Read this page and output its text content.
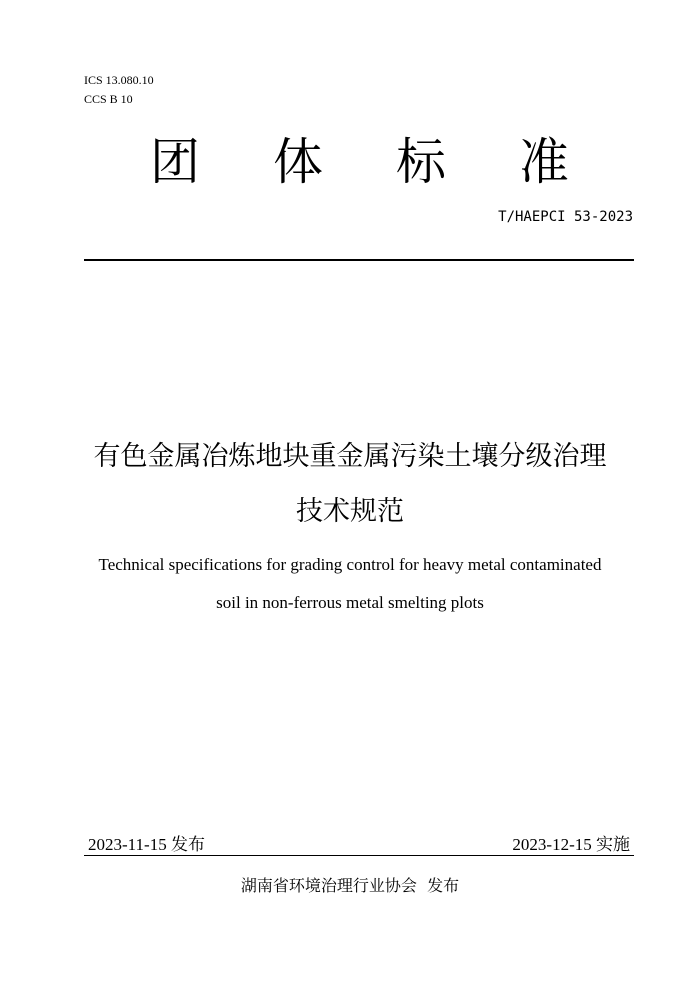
ICS 13.080.10
CCS B 10
团 体 标 准
T/HAEPCI 53-2023
有色金属冶炼地块重金属污染土壤分级治理
技术规范
Technical specifications for grading control for heavy metal contaminated
soil in non-ferrous metal smelting plots
2023-11-15 发布	2023-12-15 实施
湖南省环境治理行业协会  发布
